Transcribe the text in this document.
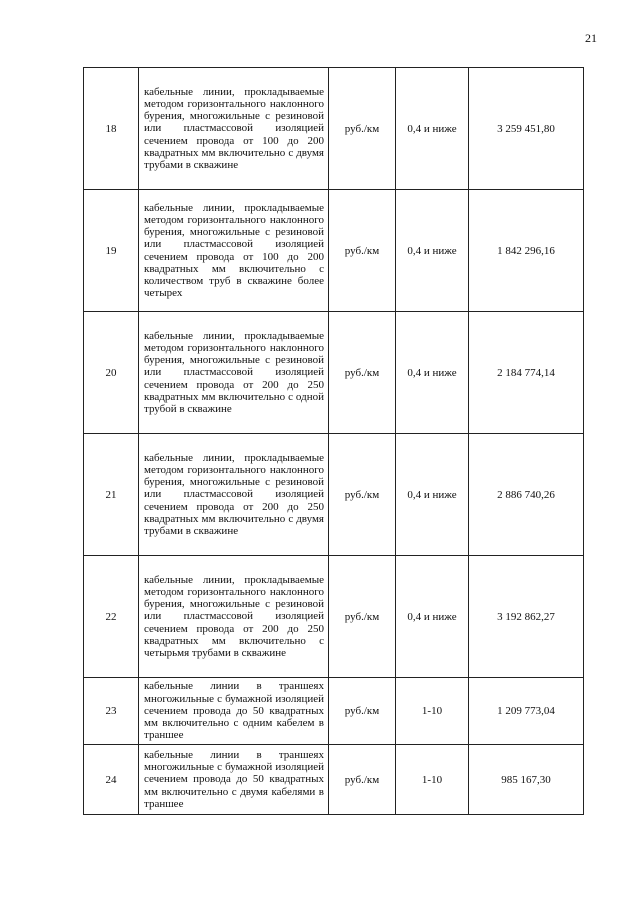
21
18	кабельные линии, прокладываемые методом горизонтального наклонного бурения, многожильные с резиновой или пластмассовой изоляцией сечением провода от 100 до 200 квадратных мм включительно с двумя трубами в скважине	руб./км	0,4 и ниже	3 259 451,80
19	кабельные линии, прокладываемые методом горизонтального наклонного бурения, многожильные с резиновой или пластмассовой изоляцией сечением провода от 100 до 200 квадратных мм включительно с количеством труб в скважине более четырех	руб./км	0,4 и ниже	1 842 296,16
20	кабельные линии, прокладываемые методом горизонтального наклонного бурения, многожильные с резиновой или пластмассовой изоляцией сечением провода от 200 до 250 квадратных мм включительно с одной трубой в скважине	руб./км	0,4 и ниже	2 184 774,14
21	кабельные линии, прокладываемые методом горизонтального наклонного бурения, многожильные с резиновой или пластмассовой изоляцией сечением провода от 200 до 250 квадратных мм включительно с двумя трубами в скважине	руб./км	0,4 и ниже	2 886 740,26
22	кабельные линии, прокладываемые методом горизонтального наклонного бурения, многожильные с резиновой или пластмассовой изоляцией сечением провода от 200 до 250 квадратных мм включительно с четырьмя трубами в скважине	руб./км	0,4 и ниже	3 192 862,27
23	кабельные линии в траншеях многожильные с бумажной изоляцией сечением провода до 50 квадратных мм включительно с одним кабелем в траншее	руб./км	1-10	1 209 773,04
24	кабельные линии в траншеях многожильные с бумажной изоляцией сечением провода до 50 квадратных мм включительно с двумя кабелями в траншее	руб./км	1-10	985 167,30
